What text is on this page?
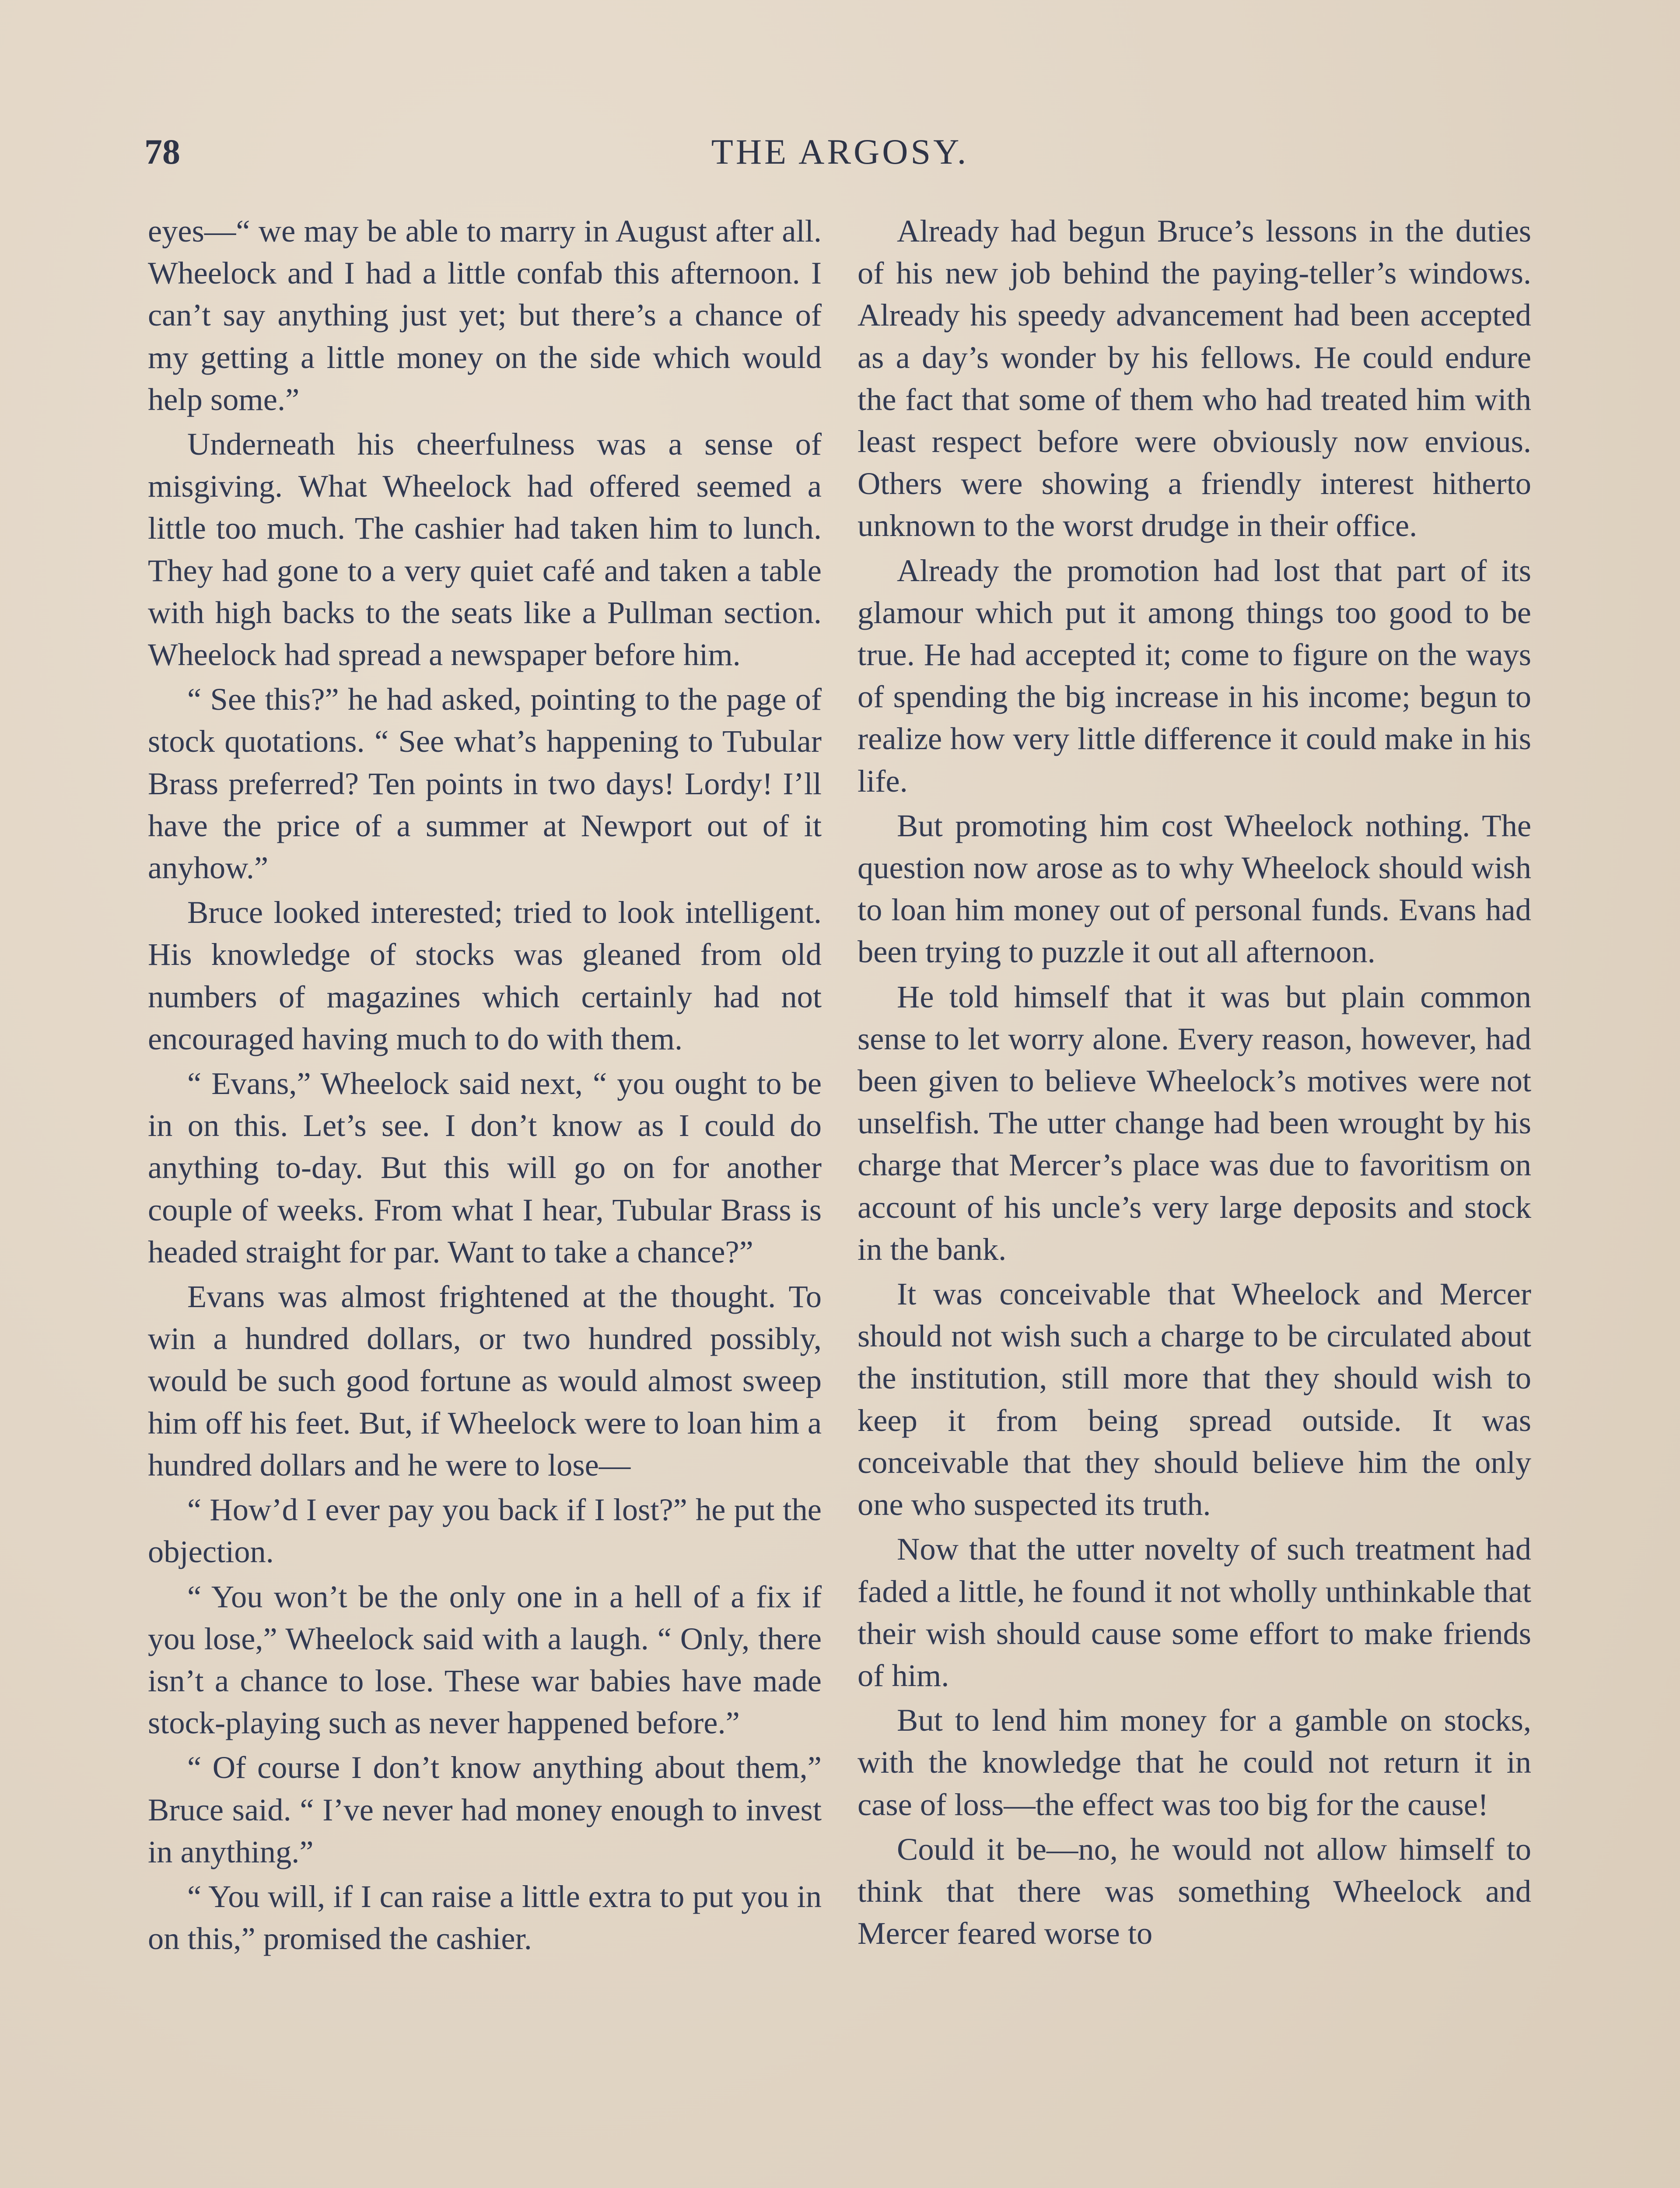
78	THE ARGOSY.

eyes—“ we may be able to marry in August after all. Wheelock and I had a little confab this afternoon. I can’t say anything just yet; but there’s a chance of my getting a little money on the side which would help some.”

Underneath his cheerfulness was a sense of misgiving. What Wheelock had offered seemed a little too much. The cashier had taken him to lunch. They had gone to a very quiet café and taken a table with high backs to the seats like a Pullman section. Wheelock had spread a newspaper before him.

“ See this?” he had asked, pointing to the page of stock quotations. “ See what’s happening to Tubular Brass preferred? Ten points in two days! Lordy! I’ll have the price of a summer at Newport out of it anyhow.”

Bruce looked interested; tried to look intelligent. His knowledge of stocks was gleaned from old numbers of magazines which certainly had not encouraged having much to do with them.

“ Evans,” Wheelock said next, “ you ought to be in on this. Let’s see. I don’t know as I could do anything to-day. But this will go on for another couple of weeks. From what I hear, Tubular Brass is headed straight for par. Want to take a chance?”

Evans was almost frightened at the thought. To win a hundred dollars, or two hundred possibly, would be such good fortune as would almost sweep him off his feet. But, if Wheelock were to loan him a hundred dollars and he were to lose—

“ How’d I ever pay you back if I lost?” he put the objection.

“ You won’t be the only one in a hell of a fix if you lose,” Wheelock said with a laugh. “ Only, there isn’t a chance to lose. These war babies have made stock-playing such as never happened before.”

“ Of course I don’t know anything about them,” Bruce said. “ I’ve never had money enough to invest in anything.”

“ You will, if I can raise a little extra to put you in on this,” promised the cashier.

Already had begun Bruce’s lessons in the duties of his new job behind the paying-teller’s windows. Already his speedy advancement had been accepted as a day’s wonder by his fellows. He could endure the fact that some of them who had treated him with least respect before were obviously now envious. Others were showing a friendly interest hitherto unknown to the worst drudge in their office.

Already the promotion had lost that part of its glamour which put it among things too good to be true. He had accepted it; come to figure on the ways of spending the big increase in his income; begun to realize how very little difference it could make in his life.

But promoting him cost Wheelock nothing. The question now arose as to why Wheelock should wish to loan him money out of personal funds. Evans had been trying to puzzle it out all afternoon.

He told himself that it was but plain common sense to let worry alone. Every reason, however, had been given to believe Wheelock’s motives were not unselfish. The utter change had been wrought by his charge that Mercer’s place was due to favoritism on account of his uncle’s very large deposits and stock in the bank.

It was conceivable that Wheelock and Mercer should not wish such a charge to be circulated about the institution, still more that they should wish to keep it from being spread outside. It was conceivable that they should believe him the only one who suspected its truth.

Now that the utter novelty of such treatment had faded a little, he found it not wholly unthinkable that their wish should cause some effort to make friends of him.

But to lend him money for a gamble on stocks, with the knowledge that he could not return it in case of loss—the effect was too big for the cause!

Could it be—no, he would not allow himself to think that there was something Wheelock and Mercer feared worse to
